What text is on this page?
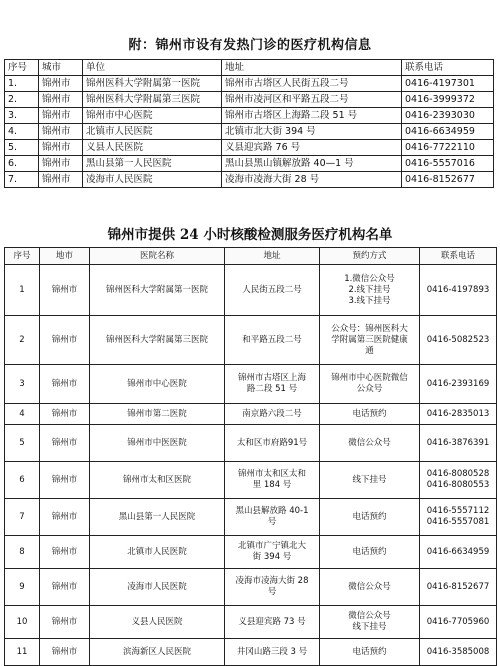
附：锦州市设有发热门诊的医疗机构信息
序号	城市	单位	地址	联系电话
1.	锦州市	锦州医科大学附属第一医院	锦州市古塔区人民街五段二号	0416-4197301
2.	锦州市	锦州医科大学附属第三医院	锦州市凌河区和平路五段二号	0416-3999372
3.	锦州市	锦州市中心医院	锦州市古塔区上海路二段 51 号	0416-2393030
4.	锦州市	北镇市人民医院	北镇市北大街 394 号	0416-6634959
5.	锦州市	义县人民医院	义县迎宾路 76 号	0416-7722110
6.	锦州市	黑山县第一人民医院	黑山县黑山镇解放路 40—1 号	0416-5557016
7.	锦州市	凌海市人民医院	凌海市凌海大街 28 号	0416-8152677
锦州市提供 24 小时核酸检测服务医疗机构名单
序号	地市	医院名称	地址	预约方式	联系电话
1	锦州市	锦州医科大学附属第一医院	人民街五段二号	1.微信公众号
2.线下挂号
3.线下挂号	0416-4197893

2	锦州市	锦州医科大学附属第三医院	和平路五段二号	公众号：锦州医科大
学附属第三医院健康
通	0416-5082523

3	锦州市	锦州市中心医院	锦州市古塔区上海
路二段 51 号	锦州市中心医院微信
公众号	0416-2393169

4	锦州市	锦州市第二医院	南京路六段二号	电话预约	0416-2835013

5	锦州市	锦州市中医医院	太和区市府路91号	微信公众号	0416-3876391

6	锦州市	锦州市太和区医院	锦州市太和区太和
里 184 号	线下挂号	0416-8080528
0416-8080553

7	锦州市	黑山县第一人民医院	黑山县解放路 40-1
号	电话预约	0416-5557112
0416-5557081

8	锦州市	北镇市人民医院	北镇市广宁镇北大
街 394 号	电话预约	0416-6634959

9	锦州市	凌海市人民医院	凌海市凌海大街 28
号	微信公众号	0416-8152677

10	锦州市	义县人民医院	义县迎宾路 73 号	微信公众号
线下挂号	0416-7705960

11	锦州市	滨海新区人民医院	井冈山路三段 3 号	电话预约	0416-3585008
